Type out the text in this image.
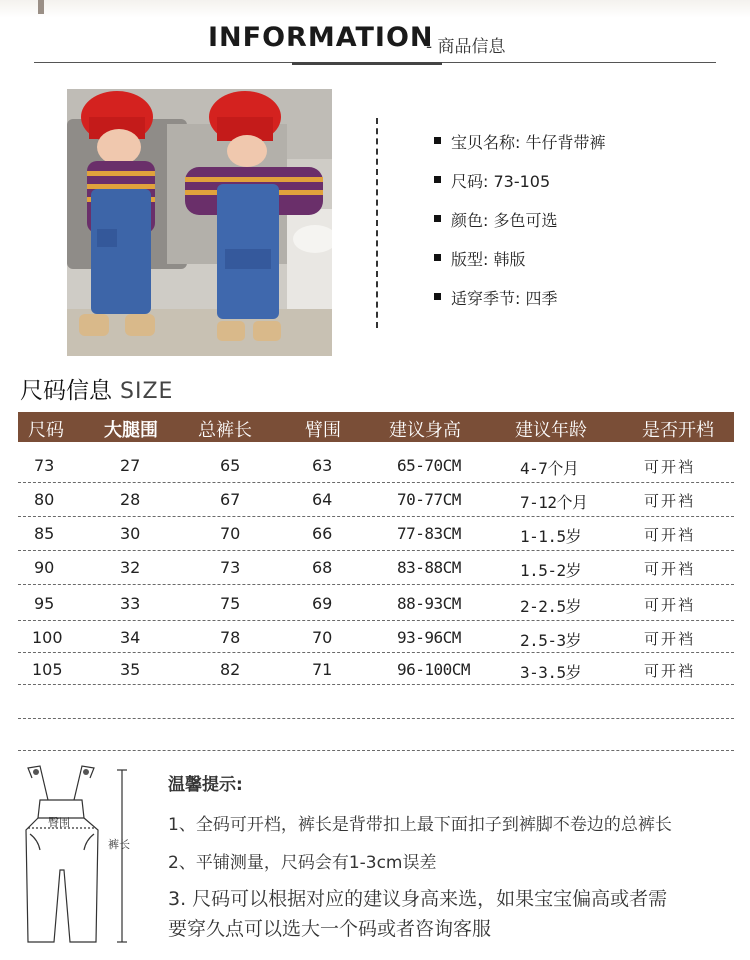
INFORMATION
- 商品信息
宝贝名称: 牛仔背带裤
尺码: 73-105
颜色: 多色可选
版型: 韩版
适穿季节: 四季
尺码信息 SIZE
尺码 大腿围 总裤长	臂围	建议身高	建议年龄	是否开档
73	27	65	63	65-70CM	4-7个月	可开裆
80	28	67	64	70-77CM	7-12个月	可开裆
85	30	70	66	77-83CM	1-1.5岁	可开裆
90	32	73	68	83-88CM	1.5-2岁	可开裆
95	33	75	69	88-93CM	2-2.5岁	可开裆
100	34	78	70	93-96CM	2.5-3岁	可开裆
105	35	82	71	96-100CM	3-3.5岁	可开裆
臀围
裤长
温馨提示:
1、全码可开档，裤长是背带扣上最下面扣子到裤脚不卷边的总裤长
2、平铺测量，尺码会有1-3cm误差
3. 尺码可以根据对应的建议身高来选，如果宝宝偏高或者需
要穿久点可以选大一个码或者咨询客服
